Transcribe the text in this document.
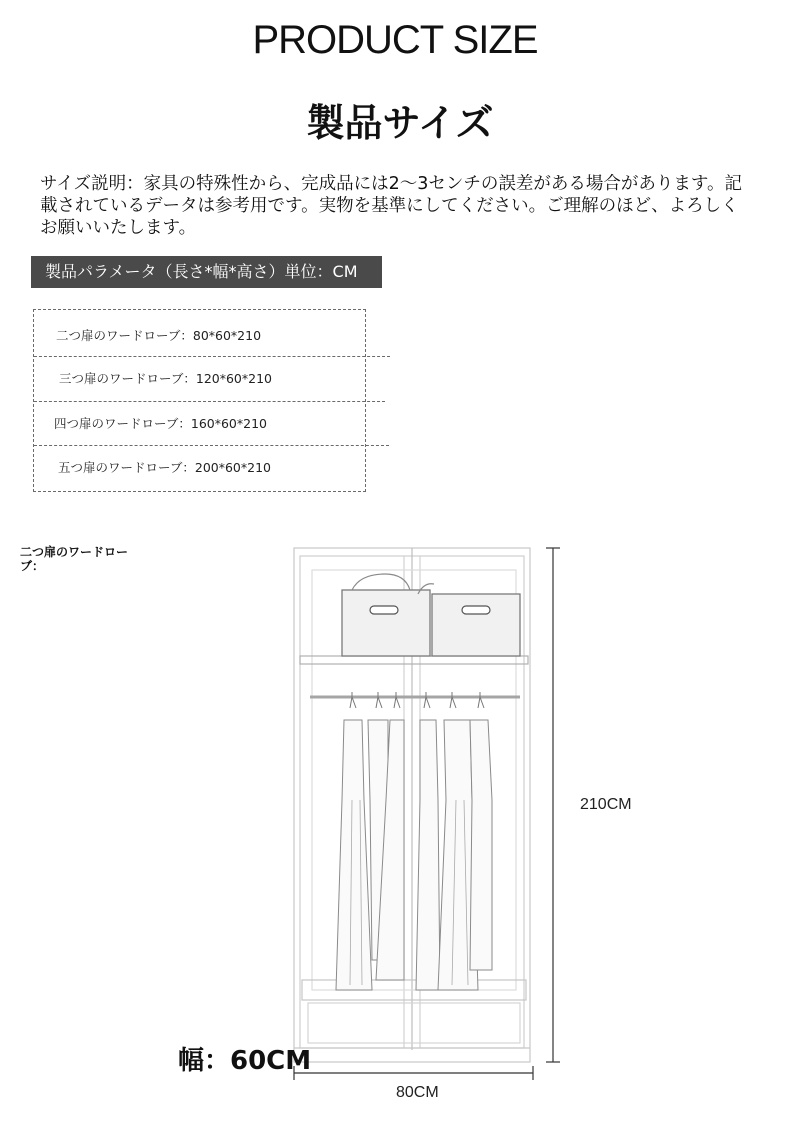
PRODUCT SIZE
製品サイズ
サイズ説明：家具の特殊性から、完成品には2～3センチの誤差がある場合があります。記載されているデータは参考用です。実物を基準にしてください。ご理解のほど、よろしくお願いいたします。
製品パラメータ（長さ*幅*高さ）単位：CM
二つ扉のワードローブ：80*60*210
三つ扉のワードローブ：120*60*210
四つ扉のワードローブ：160*60*210
五つ扉のワードローブ：200*60*210
二つ扉のワードローブ：
210CM
80CM
幅：60CM
